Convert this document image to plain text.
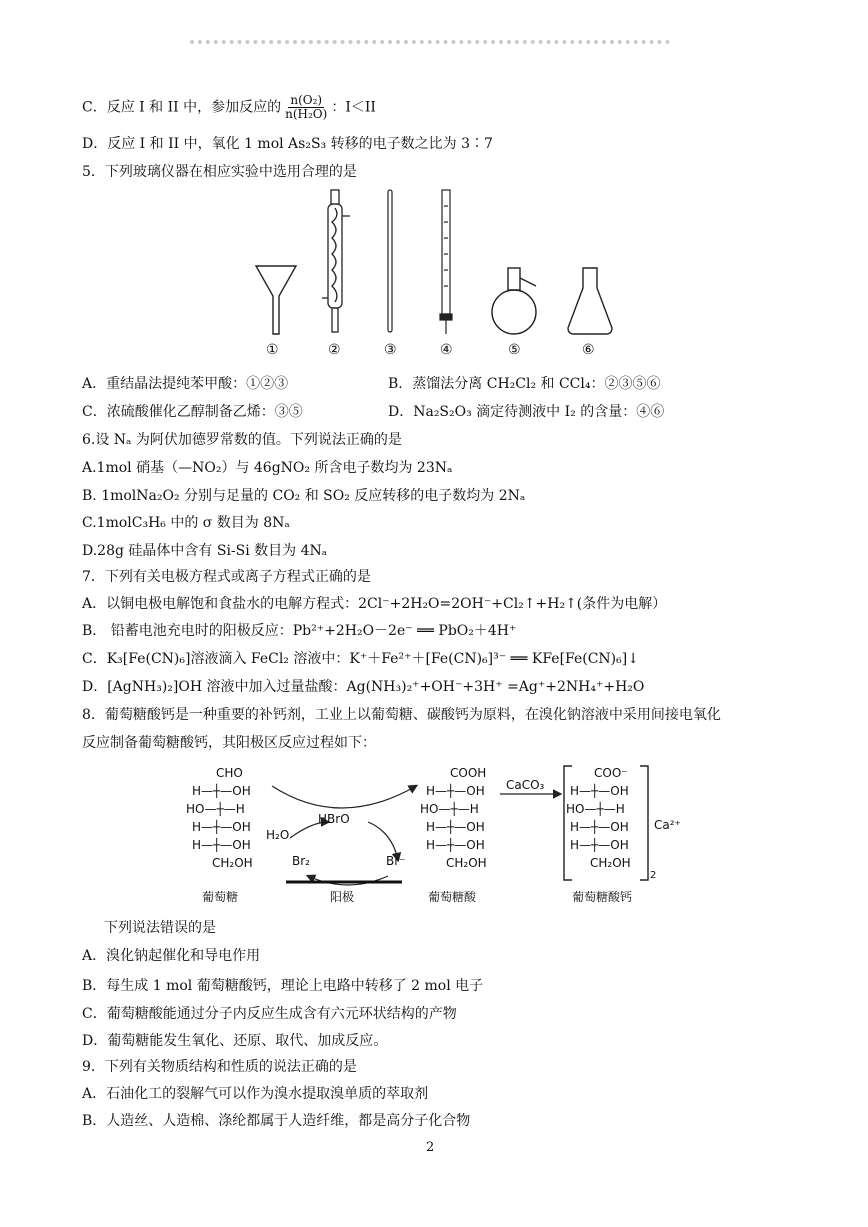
C．反应 I 和 II 中，参加反应的 $\frac{\text{n(O₂)}}{\text{n(H₂O)}}$ ：I＜II
D．反应 I 和 II 中，氧化 1 mol As₂S₃ 转移的电子数之比为 3∶7
5．下列玻璃仪器在相应实验中选用合理的是
①	②	③	④	⑤	⑥
A．重结晶法提纯苯甲酸：①②③	B．蒸馏法分离 CH₂Cl₂ 和 CCl₄：②③⑤⑥
C．浓硫酸催化乙醇制备乙烯：③⑤	D．Na₂S₂O₃ 滴定待测液中 I₂ 的含量：④⑥
6.设 Nₐ 为阿伏加德罗常数的值。下列说法正确的是
A.1mol 硝基（—NO₂）与 46gNO₂ 所含电子数均为 23Nₐ
B. 1molNa₂O₂ 分别与足量的 CO₂ 和 SO₂ 反应转移的电子数均为 2Nₐ
C.1molC₃H₆ 中的 σ 数目为 8Nₐ
D.28g 硅晶体中含有 Si-Si 数目为 4Nₐ
7．下列有关电极方程式或离子方程式正确的是
A．以铜电极电解饱和食盐水的电解方程式：2Cl⁻+2H₂O=2OH⁻+Cl₂↑+H₂↑(条件为电解）
B． 铅蓄电池充电时的阳极反应：Pb²⁺+2H₂O－2e⁻ ══ PbO₂＋4H⁺
C．K₃[Fe(CN)₆]溶液滴入 FeCl₂ 溶液中：K⁺＋Fe²⁺＋[Fe(CN)₆]³⁻ ══ KFe[Fe(CN)₆]↓
D．[AgNH₃)₂]OH 溶液中加入过量盐酸：Ag(NH₃)₂⁺+OH⁻+3H⁺ =Ag⁺+2NH₄⁺+H₂O
8．葡萄糖酸钙是一种重要的补钙剂，工业上以葡萄糖、碳酸钙为原料，在溴化钠溶液中采用间接电氧化
反应制备葡萄糖酸钙，其阳极区反应过程如下：
CHO
H—┼—OH
HO—┼—H
H—┼—OH
H—┼—OH
CH₂OH
HBrO
H₂O
Br₂	Br⁻
COOH
H—┼—OH
HO—┼—H
H—┼—OH
H—┼—OH
CH₂OH
CaCO₃
COO⁻
H—┼—OH
HO—┼—H
H—┼—OH
H—┼—OH
CH₂OH
2
Ca²⁺
葡萄糖	阳极	葡萄糖酸	葡萄糖酸钙
下列说法错误的是
A．溴化钠起催化和导电作用
B．每生成 1 mol 葡萄糖酸钙，理论上电路中转移了 2 mol 电子
C．葡萄糖酸能通过分子内反应生成含有六元环状结构的产物
D．葡萄糖能发生氧化、还原、取代、加成反应。
9．下列有关物质结构和性质的说法正确的是
A．石油化工的裂解气可以作为溴水提取溴单质的萃取剂
B．人造丝、人造棉、涤纶都属于人造纤维，都是高分子化合物
2
